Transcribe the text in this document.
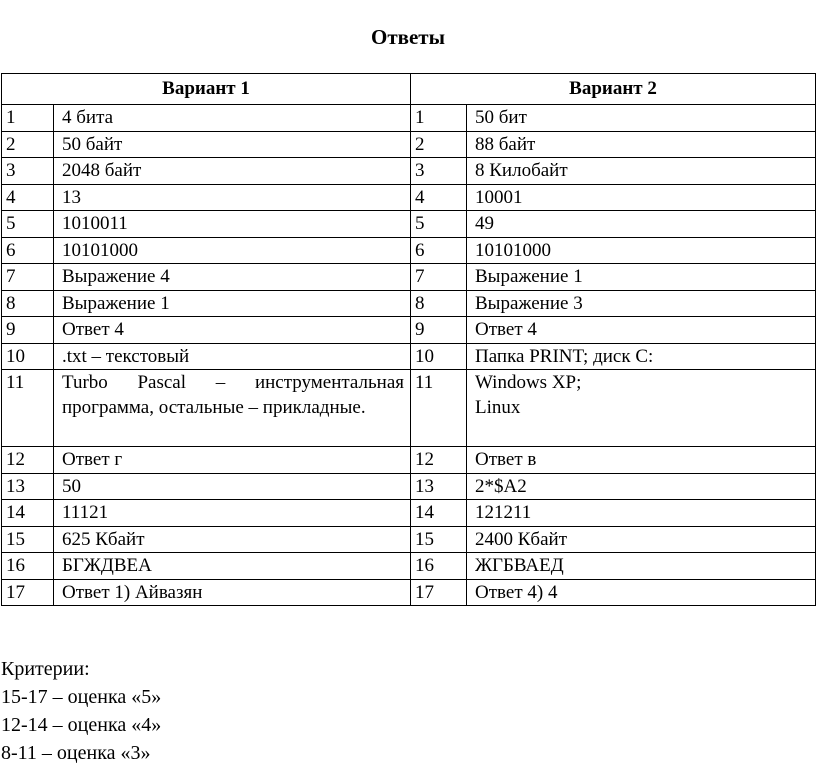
Ответы
Вариант 1		Вариант 2	
1	4 бита	1	50 бит
2	50 байт	2	88 байт
3	2048 байт	3	8 Килобайт
4	13	4	10001
5	1010011	5	49
6	10101000	6	10101000
7	Выражение 4	7	Выражение 1
8	Выражение 1	8	Выражение 3
9	Ответ 4	9	Ответ 4
10	.txt – текстовый	10	Папка PRINT; диск С:
11	Turbo Pascal – инструментальная программа, остальные – прикладные.	11	Windows XP;
Linux

12	Ответ г	12	Ответ в
13	50	13	2*$A2
14	11121	14	121211
15	625 Кбайт	15	2400 Кбайт
16	БГЖДВЕА	16	ЖГБВАЕД
17	Ответ 1) Айвазян	17	Ответ 4) 4
Критерии:
15-17 – оценка «5»
12-14 – оценка «4»
8-11 – оценка «3»
